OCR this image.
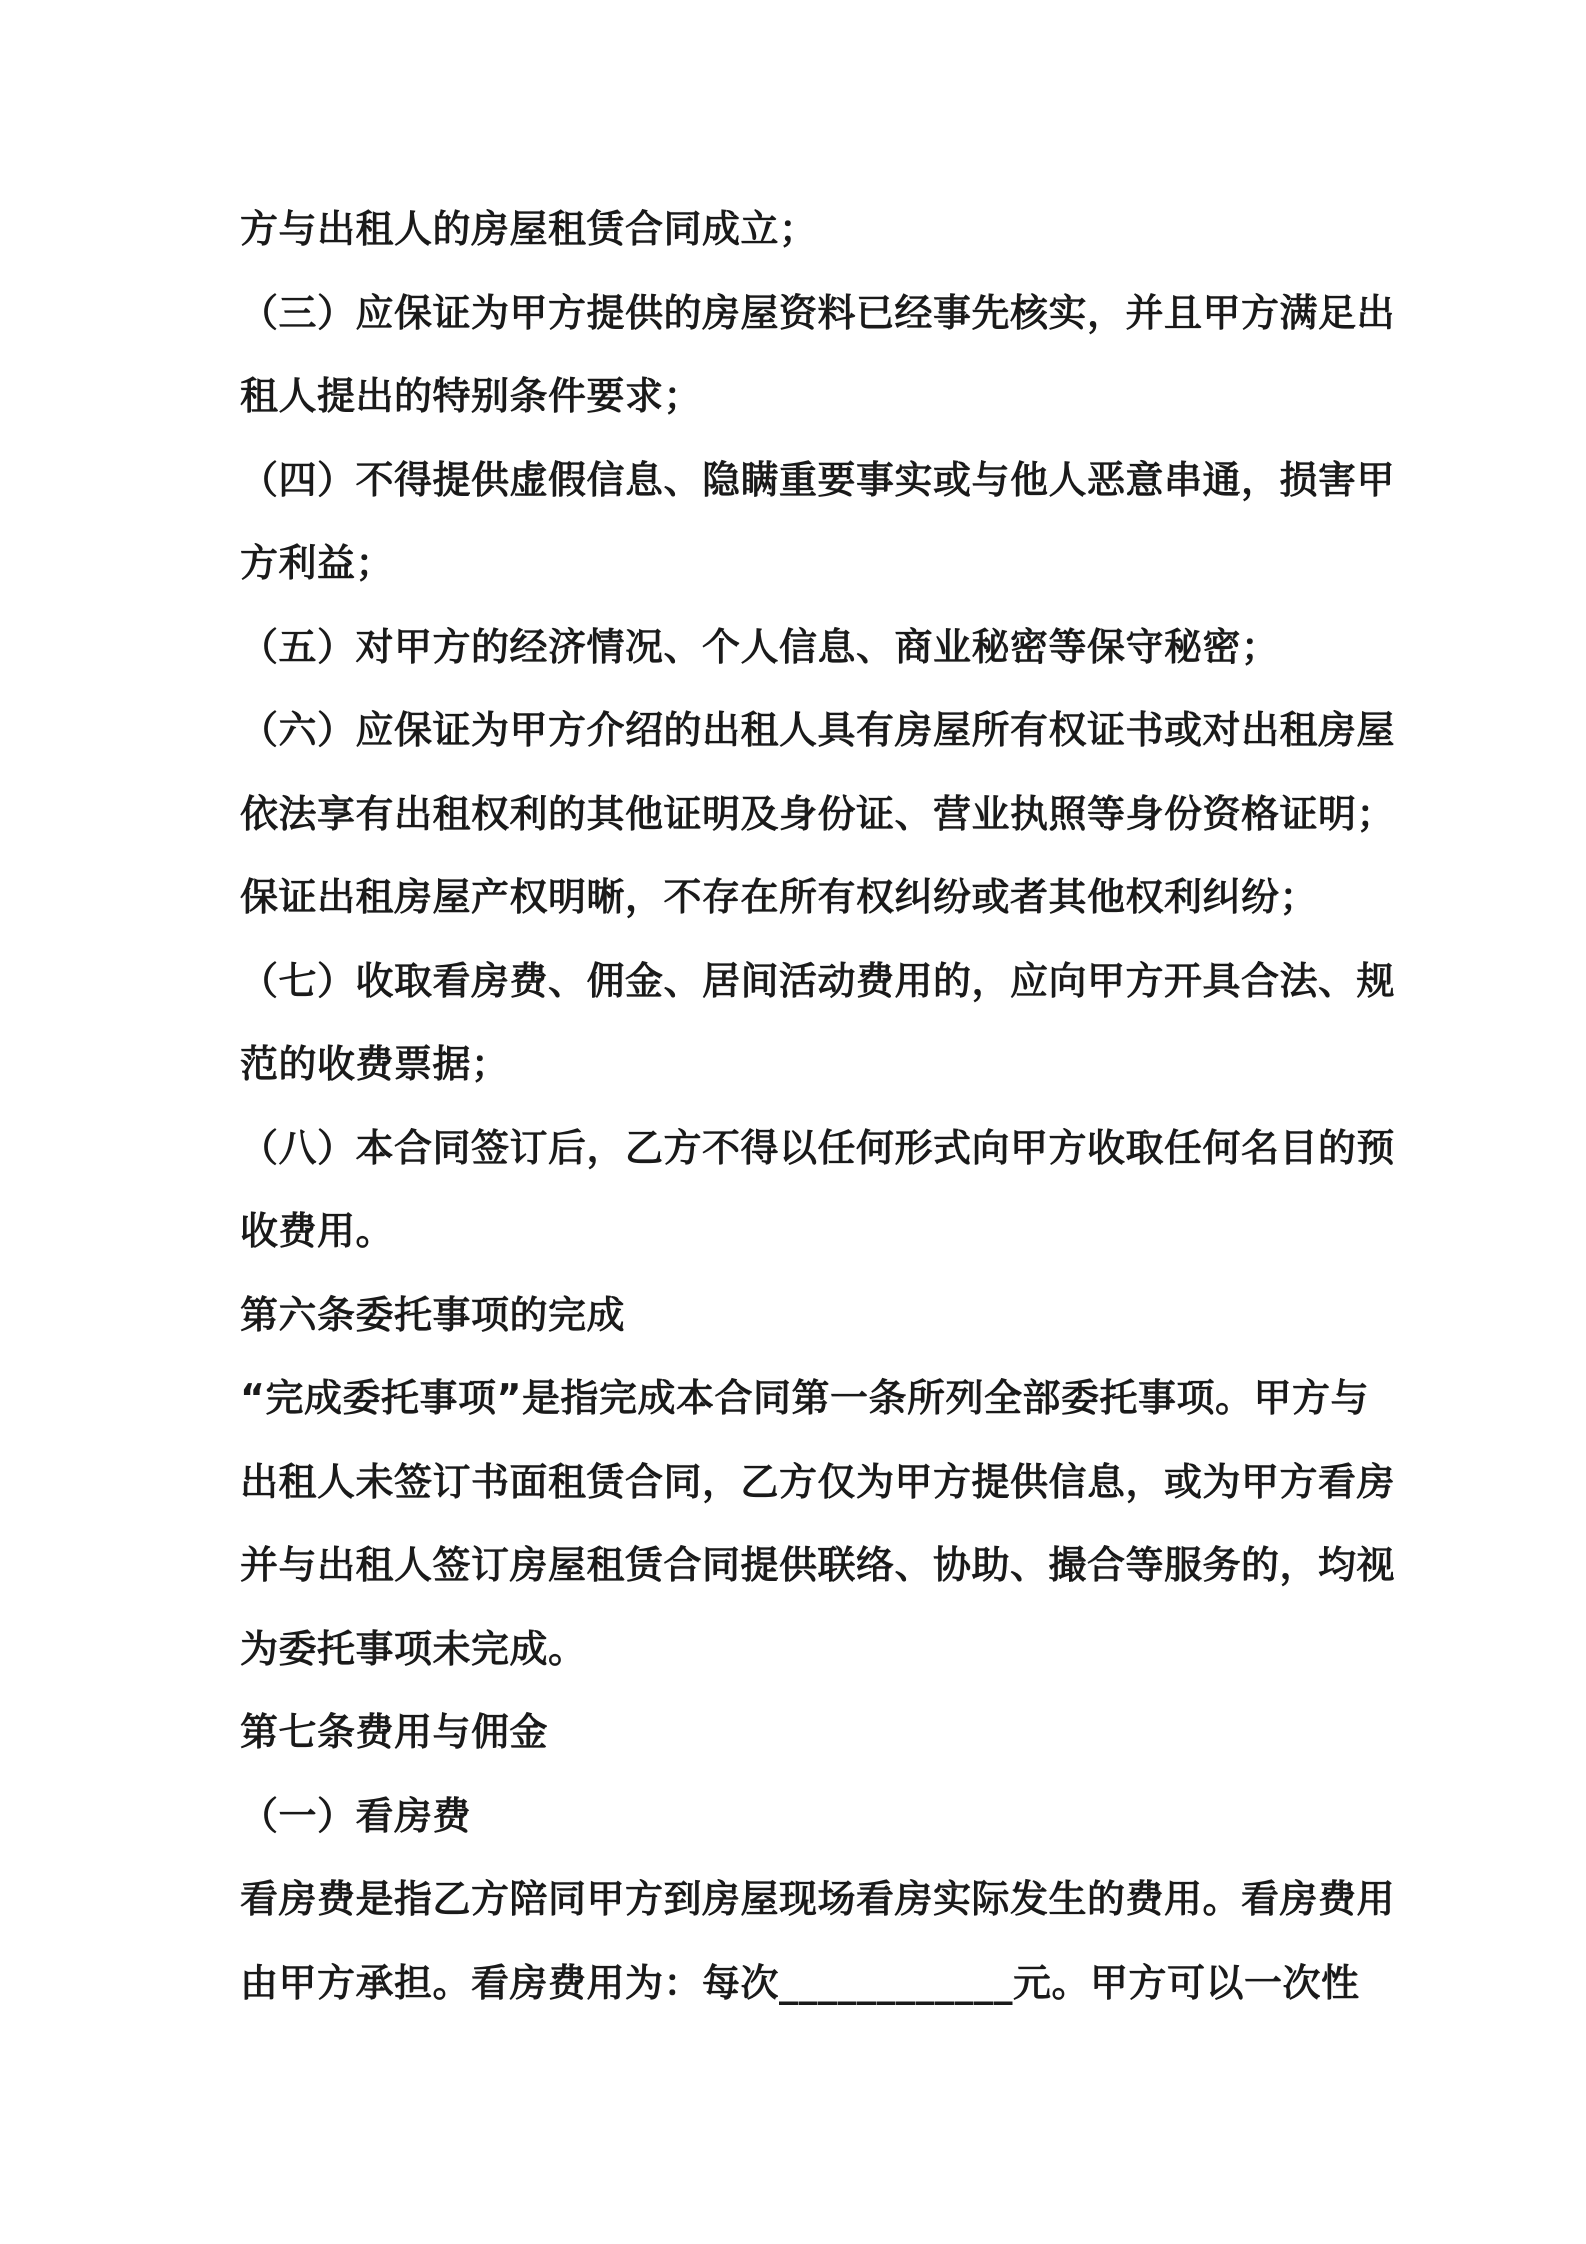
方与出租人的房屋租赁合同成立；

（三）应保证为甲方提供的房屋资料已经事先核实，并且甲方满足出

租人提出的特别条件要求；

（四）不得提供虚假信息、隐瞒重要事实或与他人恶意串通，损害甲

方利益；

（五）对甲方的经济情况、个人信息、商业秘密等保守秘密；

（六）应保证为甲方介绍的出租人具有房屋所有权证书或对出租房屋

依法享有出租权利的其他证明及身份证、营业执照等身份资格证明；

保证出租房屋产权明晰，不存在所有权纠纷或者其他权利纠纷；

（七）收取看房费、佣金、居间活动费用的，应向甲方开具合法、规

范的收费票据；

（八）本合同签订后，乙方不得以任何形式向甲方收取任何名目的预

收费用。

第六条委托事项的完成

“完成委托事项”是指完成本合同第一条所列全部委托事项。甲方与

出租人未签订书面租赁合同，乙方仅为甲方提供信息，或为甲方看房

并与出租人签订房屋租赁合同提供联络、协助、撮合等服务的，均视

为委托事项未完成。

第七条费用与佣金

（一）看房费

看房费是指乙方陪同甲方到房屋现场看房实际发生的费用。看房费用

由甲方承担。看房费用为：每次____________元。甲方可以一次性
